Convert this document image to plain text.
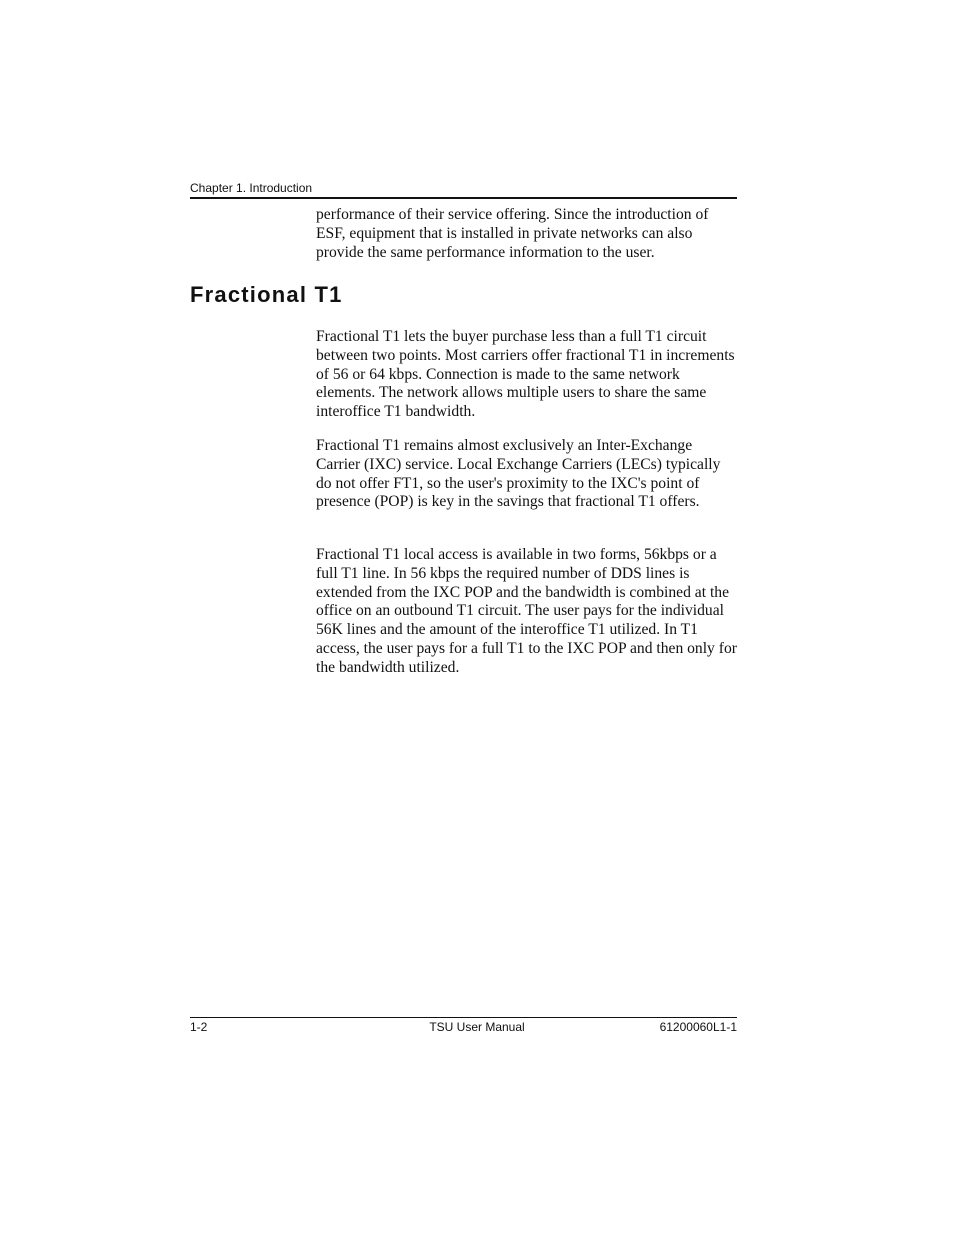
Chapter 1. Introduction

performance of their service offering. Since the introduction of ESF, equipment that is installed in private networks can also provide the same performance information to the user.

Fractional T1

Fractional T1 lets the buyer purchase less than a full T1 circuit between two points. Most carriers offer fractional T1 in increments of 56 or 64 kbps. Connection is made to the same network elements. The network allows multiple users to share the same interoffice T1 bandwidth.

Fractional T1 remains almost exclusively an Inter-Exchange Carrier (IXC) service. Local Exchange Carriers (LECs) typically do not offer FT1, so the user's proximity to the IXC's point of presence (POP) is key in the savings that fractional T1 offers.

Fractional T1 local access is available in two forms, 56kbps or a full T1 line. In 56 kbps the required number of DDS lines is extended from the IXC POP and the bandwidth is combined at the office on an outbound T1 circuit. The user pays for the individual 56K lines and the amount of the interoffice T1 utilized. In T1 access, the user pays for a full T1 to the IXC POP and then only for the bandwidth utilized.

1-2	TSU User Manual	61200060L1-1
